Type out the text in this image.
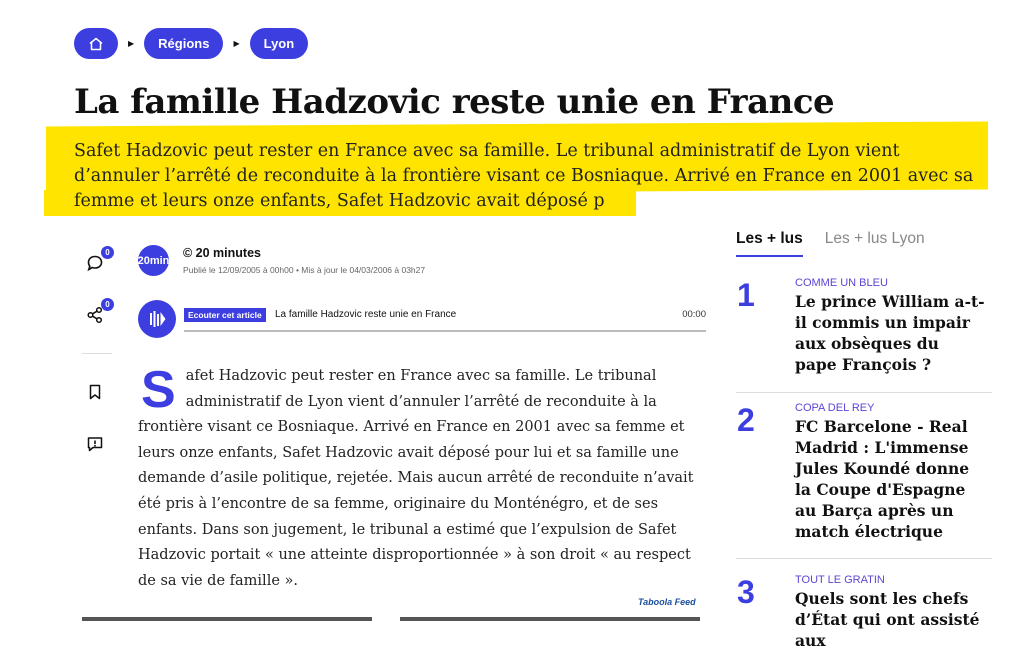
▶	Régions	▶	Lyon
La famille Hadzovic reste unie en France

Safet Hadzovic peut rester en France avec sa famille. Le tribunal administratif de Lyon vient
d’annuler l’arrêté de reconduite à la frontière visant ce Bosniaque. Arrivé en France en 2001 avec sa
femme et leurs onze enfants, Safet Hadzovic avait déposé p

0
0
20min
© 20 minutes
Publié le 12/09/2005 à 00h00 • Mis à jour le 04/03/2006 à 03h27
Ecouter cet article	La famille Hadzovic reste unie en France	00:00
S afet Hadzovic peut rester en France avec sa famille. Le tribunal administratif de Lyon vient d’annuler l’arrêté de reconduite à la frontière visant ce Bosniaque. Arrivé en France en 2001 avec sa femme et leurs onze enfants, Safet Hadzovic avait déposé pour lui et sa famille une demande d’asile politique, rejetée. Mais aucun arrêté de reconduite n’avait été pris à l’encontre de sa femme, originaire du Monténégro, et de ses enfants. Dans son jugement, le tribunal a estimé que l’expulsion de Safet Hadzovic portait « une atteinte disproportionnée » à son droit « au respect de sa vie de famille ».

Taboola Feed
Les + lus Les + lus Lyon
1	COMME UN BLEU
Le prince William a-t-il commis un impair aux obsèques du pape François ?
2	COPA DEL REY
FC Barcelone - Real Madrid : L'immense Jules Koundé donne la Coupe d'Espagne au Barça après un match électrique
3	TOUT LE GRATIN
Quels sont les chefs d’État qui ont assisté aux
